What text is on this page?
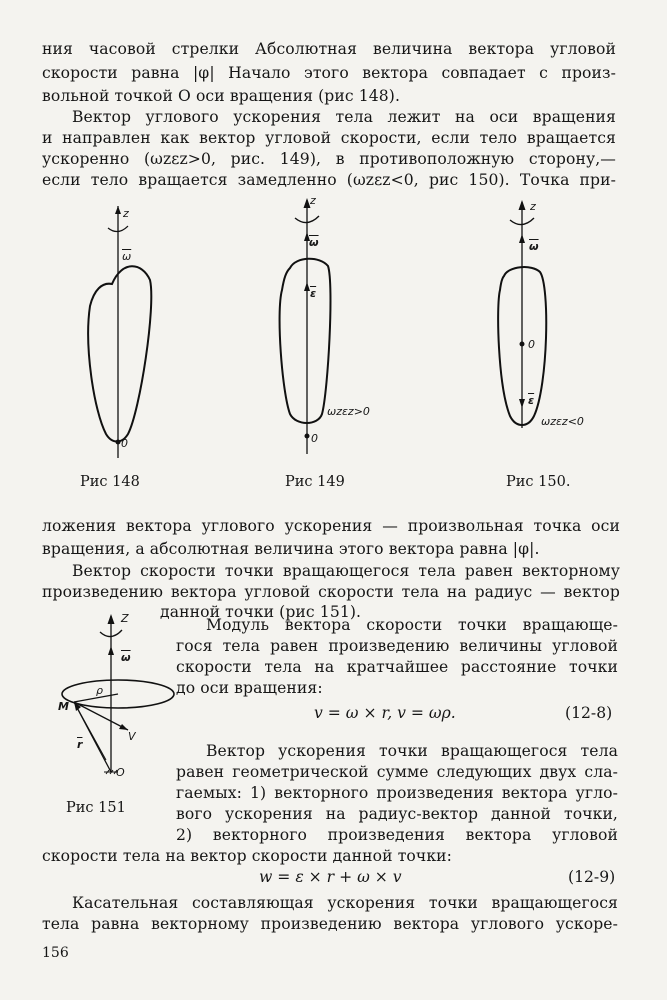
ния часовой стрелки Абсолютная величина вектора угловой
скорости равна |φ| Начало этого вектора совпадает с произ-
вольной точкой O оси вращения (рис 148).
Вектор углового ускорения тела лежит на оси вращения
и направлен как вектор угловой скорости, если тело вращается
ускоренно (ωzεz>0, рис. 149), в противоположную сторону,—
если тело вращается замедленно (ωzεz<0, рис 150). Точка при-
z
$\overline{\omega}$
0
Рис 148
z
$\overline{\omega}$
$\overline{\varepsilon}$
ωzεz>0
0
Рис 149
z
$\overline{\omega}$
0
$\overline{\varepsilon}$
ωzεz<0
Рис 150.
ложения вектора углового ускорения — произвольная точка оси
вращения, а абсолютная величина этого вектора равна |φ|.
Вектор скорости точки вращающегося тела равен векторному
произведению вектора угловой скорости тела на радиус — вектор
данной точки (рис 151).
Z
$\overline{\omega}$
ρ
M
V
$\overline{r}$
O
Рис 151
Модуль вектора скорости точки вращающе-
гося тела равен произведению величины угловой
скорости тела на кратчайшее расстояние точки
до оси вращения:
v = ω × r, v = ωρ.	(12-8)
Вектор ускорения точки вращающегося тела
равен геометрической сумме следующих двух сла-
гаемых: 1) векторного произведения вектора угло-
вого ускорения на радиус-вектор данной точки,
2) векторного произведения вектора угловой
скорости тела на вектор скорости данной точки:
w = ε × r + ω × v	(12-9)
Касательная составляющая ускорения точки вращающегося
тела равна векторному произведению вектора углового ускоре-
156
